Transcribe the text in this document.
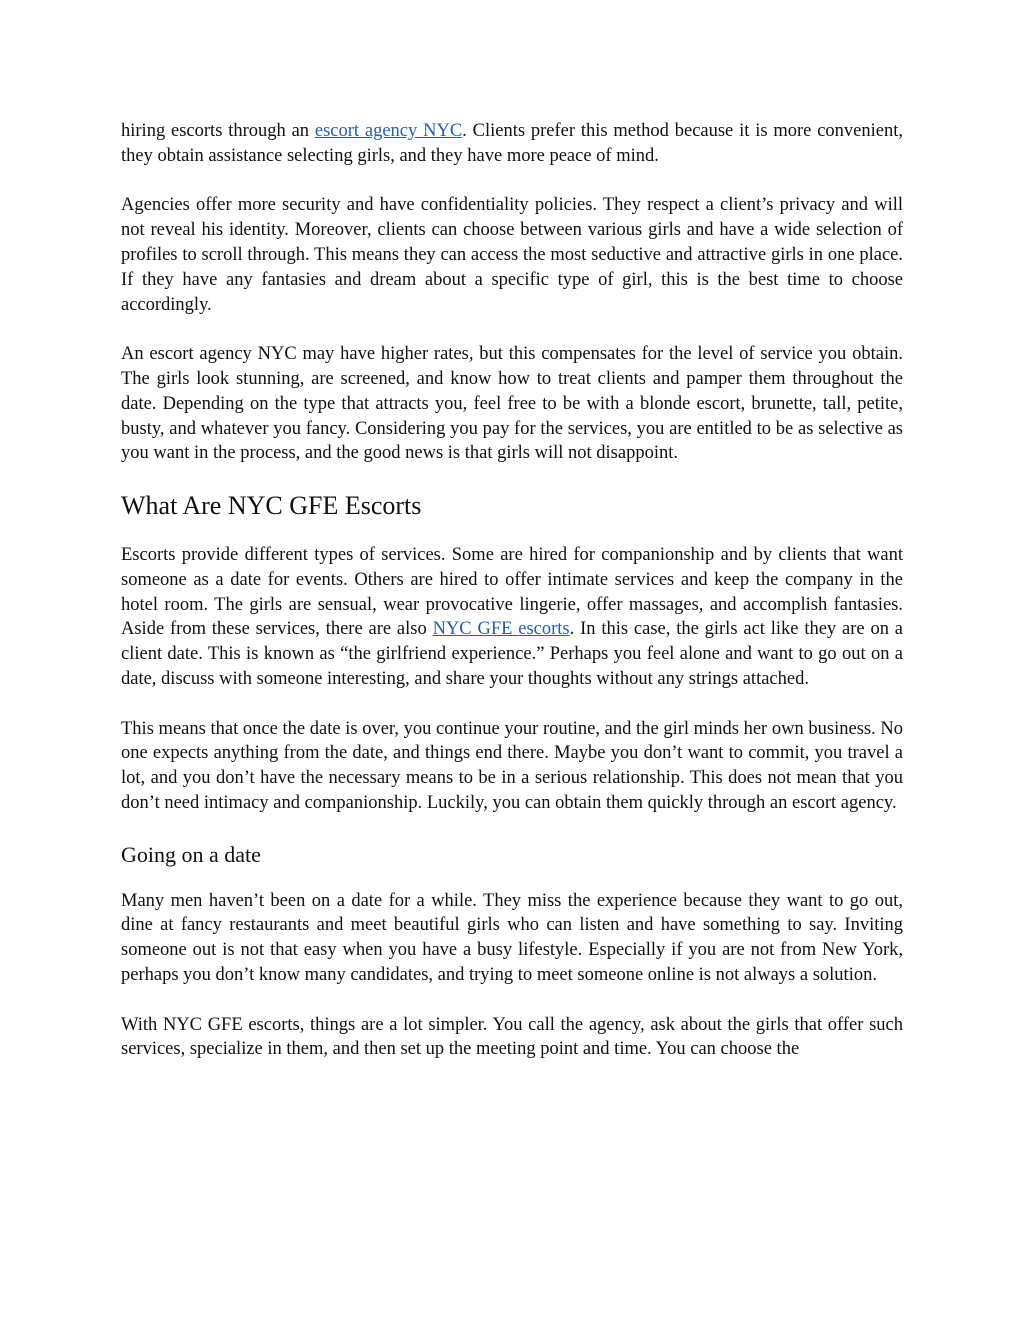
hiring escorts through an escort agency NYC. Clients prefer this method because it is more convenient, they obtain assistance selecting girls, and they have more peace of mind.

Agencies offer more security and have confidentiality policies. They respect a client’s privacy and will not reveal his identity. Moreover, clients can choose between various girls and have a wide selection of profiles to scroll through. This means they can access the most seductive and attractive girls in one place. If they have any fantasies and dream about a specific type of girl, this is the best time to choose accordingly.

An escort agency NYC may have higher rates, but this compensates for the level of service you obtain. The girls look stunning, are screened, and know how to treat clients and pamper them throughout the date. Depending on the type that attracts you, feel free to be with a blonde escort, brunette, tall, petite, busty, and whatever you fancy. Considering you pay for the services, you are entitled to be as selective as you want in the process, and the good news is that girls will not disappoint.

What Are NYC GFE Escorts

Escorts provide different types of services. Some are hired for companionship and by clients that want someone as a date for events. Others are hired to offer intimate services and keep the company in the hotel room. The girls are sensual, wear provocative lingerie, offer massages, and accomplish fantasies. Aside from these services, there are also NYC GFE escorts. In this case, the girls act like they are on a client date. This is known as “the girlfriend experience.” Perhaps you feel alone and want to go out on a date, discuss with someone interesting, and share your thoughts without any strings attached.

This means that once the date is over, you continue your routine, and the girl minds her own business. No one expects anything from the date, and things end there. Maybe you don’t want to commit, you travel a lot, and you don’t have the necessary means to be in a serious relationship. This does not mean that you don’t need intimacy and companionship. Luckily, you can obtain them quickly through an escort agency.

Going on a date

Many men haven’t been on a date for a while. They miss the experience because they want to go out, dine at fancy restaurants and meet beautiful girls who can listen and have something to say. Inviting someone out is not that easy when you have a busy lifestyle. Especially if you are not from New York, perhaps you don’t know many candidates, and trying to meet someone online is not always a solution.

With NYC GFE escorts, things are a lot simpler. You call the agency, ask about the girls that offer such services, specialize in them, and then set up the meeting point and time. You can choose the
